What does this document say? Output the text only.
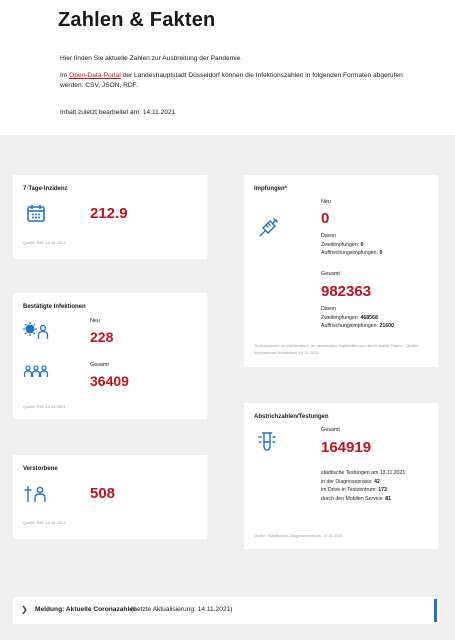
Zahlen & Fakten

Hier finden Sie aktuelle Zahlen zur Ausbreitung der Pandemie.

Im Open-Data-Portal der Landeshauptstadt Düsseldorf können die Infektionszahlen in folgenden Formaten abgerufen werden: CSV, JSON, RDF.

Inhalt zuletzt bearbeitet am: 14.11.2021

7-Tage-Inzidenz

212.9

Quelle: RKI, 14.11.2021

Bestätigte Infektionen

Neu

228

Gesamt

36409

Quelle: RKI, 14.11.2021

Verstorbene

508

Quelle: RKI, 14.11.2021

Impfungen*

Neu

0

Davon
Zweitimpfungen: 0
Auffrischungsimpfungen: 0

Gesamt

982363

Davon
Zweitimpfungen: 468568
Auffrischungsimpfungen: 21600

*in Arztpraxen, im Impfzentrum, an dezentralen Impfstellen und durch mobile Teams - Quelle: Impfzentrum Düsseldorf, 14.11.2021

Abstrichzahlen/Testungen

Gesamt

164919

städtische Testungen am 13.11.2021:
in der Diagnosepraxis: 42
im Drive-in Testzentrum: 173
durch den Mobilen Service: 81

Quelle: Städtisches Diagnosezentrum, 14.11.2021

❯ Meldung: Aktuelle Coronazahlen
(Letzte Aktualisierung: 14.11.2021)
